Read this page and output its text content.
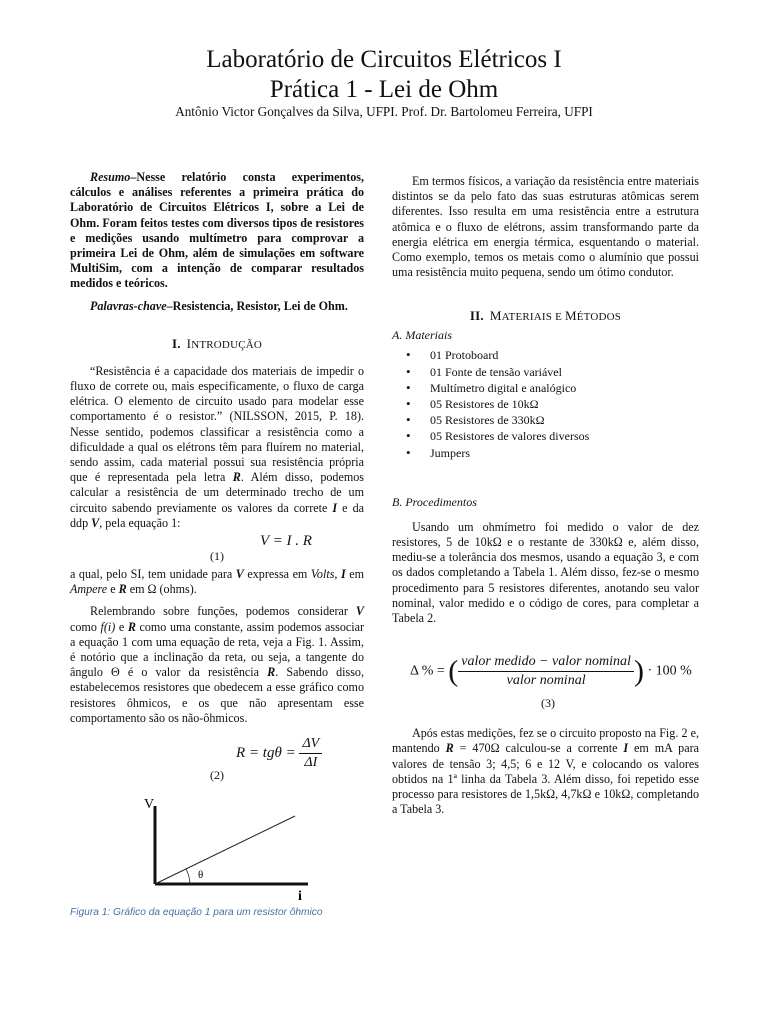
Laboratório de Circuitos Elétricos I
Prática 1 - Lei de Ohm
Antônio Victor Gonçalves da Silva, UFPI. Prof. Dr. Bartolomeu Ferreira, UFPI

Resumo–Nesse relatório consta experimentos, cálculos e análises referentes a primeira prática do Laboratório de Circuitos Elétricos I, sobre a Lei de Ohm. Foram feitos testes com diversos tipos de resistores e medições usando multímetro para comprovar a primeira Lei de Ohm, além de simulações em software MultiSim, com a intenção de comparar resultados medidos e teóricos.

Palavras-chave–Resistencia, Resistor, Lei de Ohm.

I. INTRODUÇÃO

“Resistência é a capacidade dos materiais de impedir o fluxo de correte ou, mais especificamente, o fluxo de carga elétrica. O elemento de circuito usado para modelar esse comportamento é o resistor.” (NILSSON, 2015, P. 18). Nesse sentido, podemos classificar a resistência como a dificuldade a qual os elétrons têm para fluírem no material, sendo assim, cada material possui sua resistência própria que é representada pela letra R. Além disso, podemos calcular a resistência de um determinado trecho de um circuito sabendo previamente os valores da correte I e da ddp V, pela equação 1:

V = I . R
(1)

a qual, pelo SI, tem unidade para V expressa em Volts, I em Ampere e R em Ω (ohms).

Relembrando sobre funções, podemos considerar V como f(i) e R como uma constante, assim podemos associar a equação 1 com uma equação de reta, veja a Fig. 1. Assim, é notório que a inclinação da reta, ou seja, a tangente do ângulo Θ é o valor da resistência R. Sabendo disso, estabelecemos resistores que obedecem a esse gráfico como resistores ôhmicos, e os que não apresentam esse comportamento são os não-ôhmicos.

$R = tg\theta = \frac{\Delta V}{\Delta I}$
(2)
V
i
θ
Figura 1: Gráfico da equação 1 para um resistor ôhmico

Em termos físicos, a variação da resistência entre materiais distintos se da pelo fato das suas estruturas atômicas serem diferentes. Isso resulta em uma resistência entre a estrutura atômica e o fluxo de elétrons, assim transformando parte da energia elétrica em energia térmica, esquentando o material. Como exemplo, temos os metais como o alumínio que possui uma resistência muito pequena, sendo um ótimo condutor.

II. MATERIAIS E MÉTODOS
A. Materiais
• 01 Protoboard
• 01 Fonte de tensão variável
• Multímetro digital e analógico
• 05 Resistores de 10kΩ
• 05 Resistores de 330kΩ
• 05 Resistores de valores diversos
• Jumpers
B. Procedimentos

Usando um ohmímetro foi medido o valor de dez resistores, 5 de 10kΩ e o restante de 330kΩ e, além disso, mediu-se a tolerância dos mesmos, usando a equação 3, e com os dados completando a Tabela 1. Além disso, fez-se o mesmo procedimento para 5 resistores diferentes, anotando seu valor nominal, valor medido e o código de cores, para completar a Tabela 2.

Δ % = ( $\frac{\text{valor medido − valor nominal}}{\text{valor nominal}}$ ) · 100 %
(3)

Após estas medições, fez se o circuito proposto na Fig. 2 e, mantendo R = 470Ω calculou-se a corrente I em mA para valores de tensão 3; 4,5; 6 e 12 V, e colocando os valores obtidos na 1ª linha da Tabela 3. Além disso, foi repetido esse processo para resistores de 1,5kΩ, 4,7kΩ e 10kΩ, completando a Tabela 3.
